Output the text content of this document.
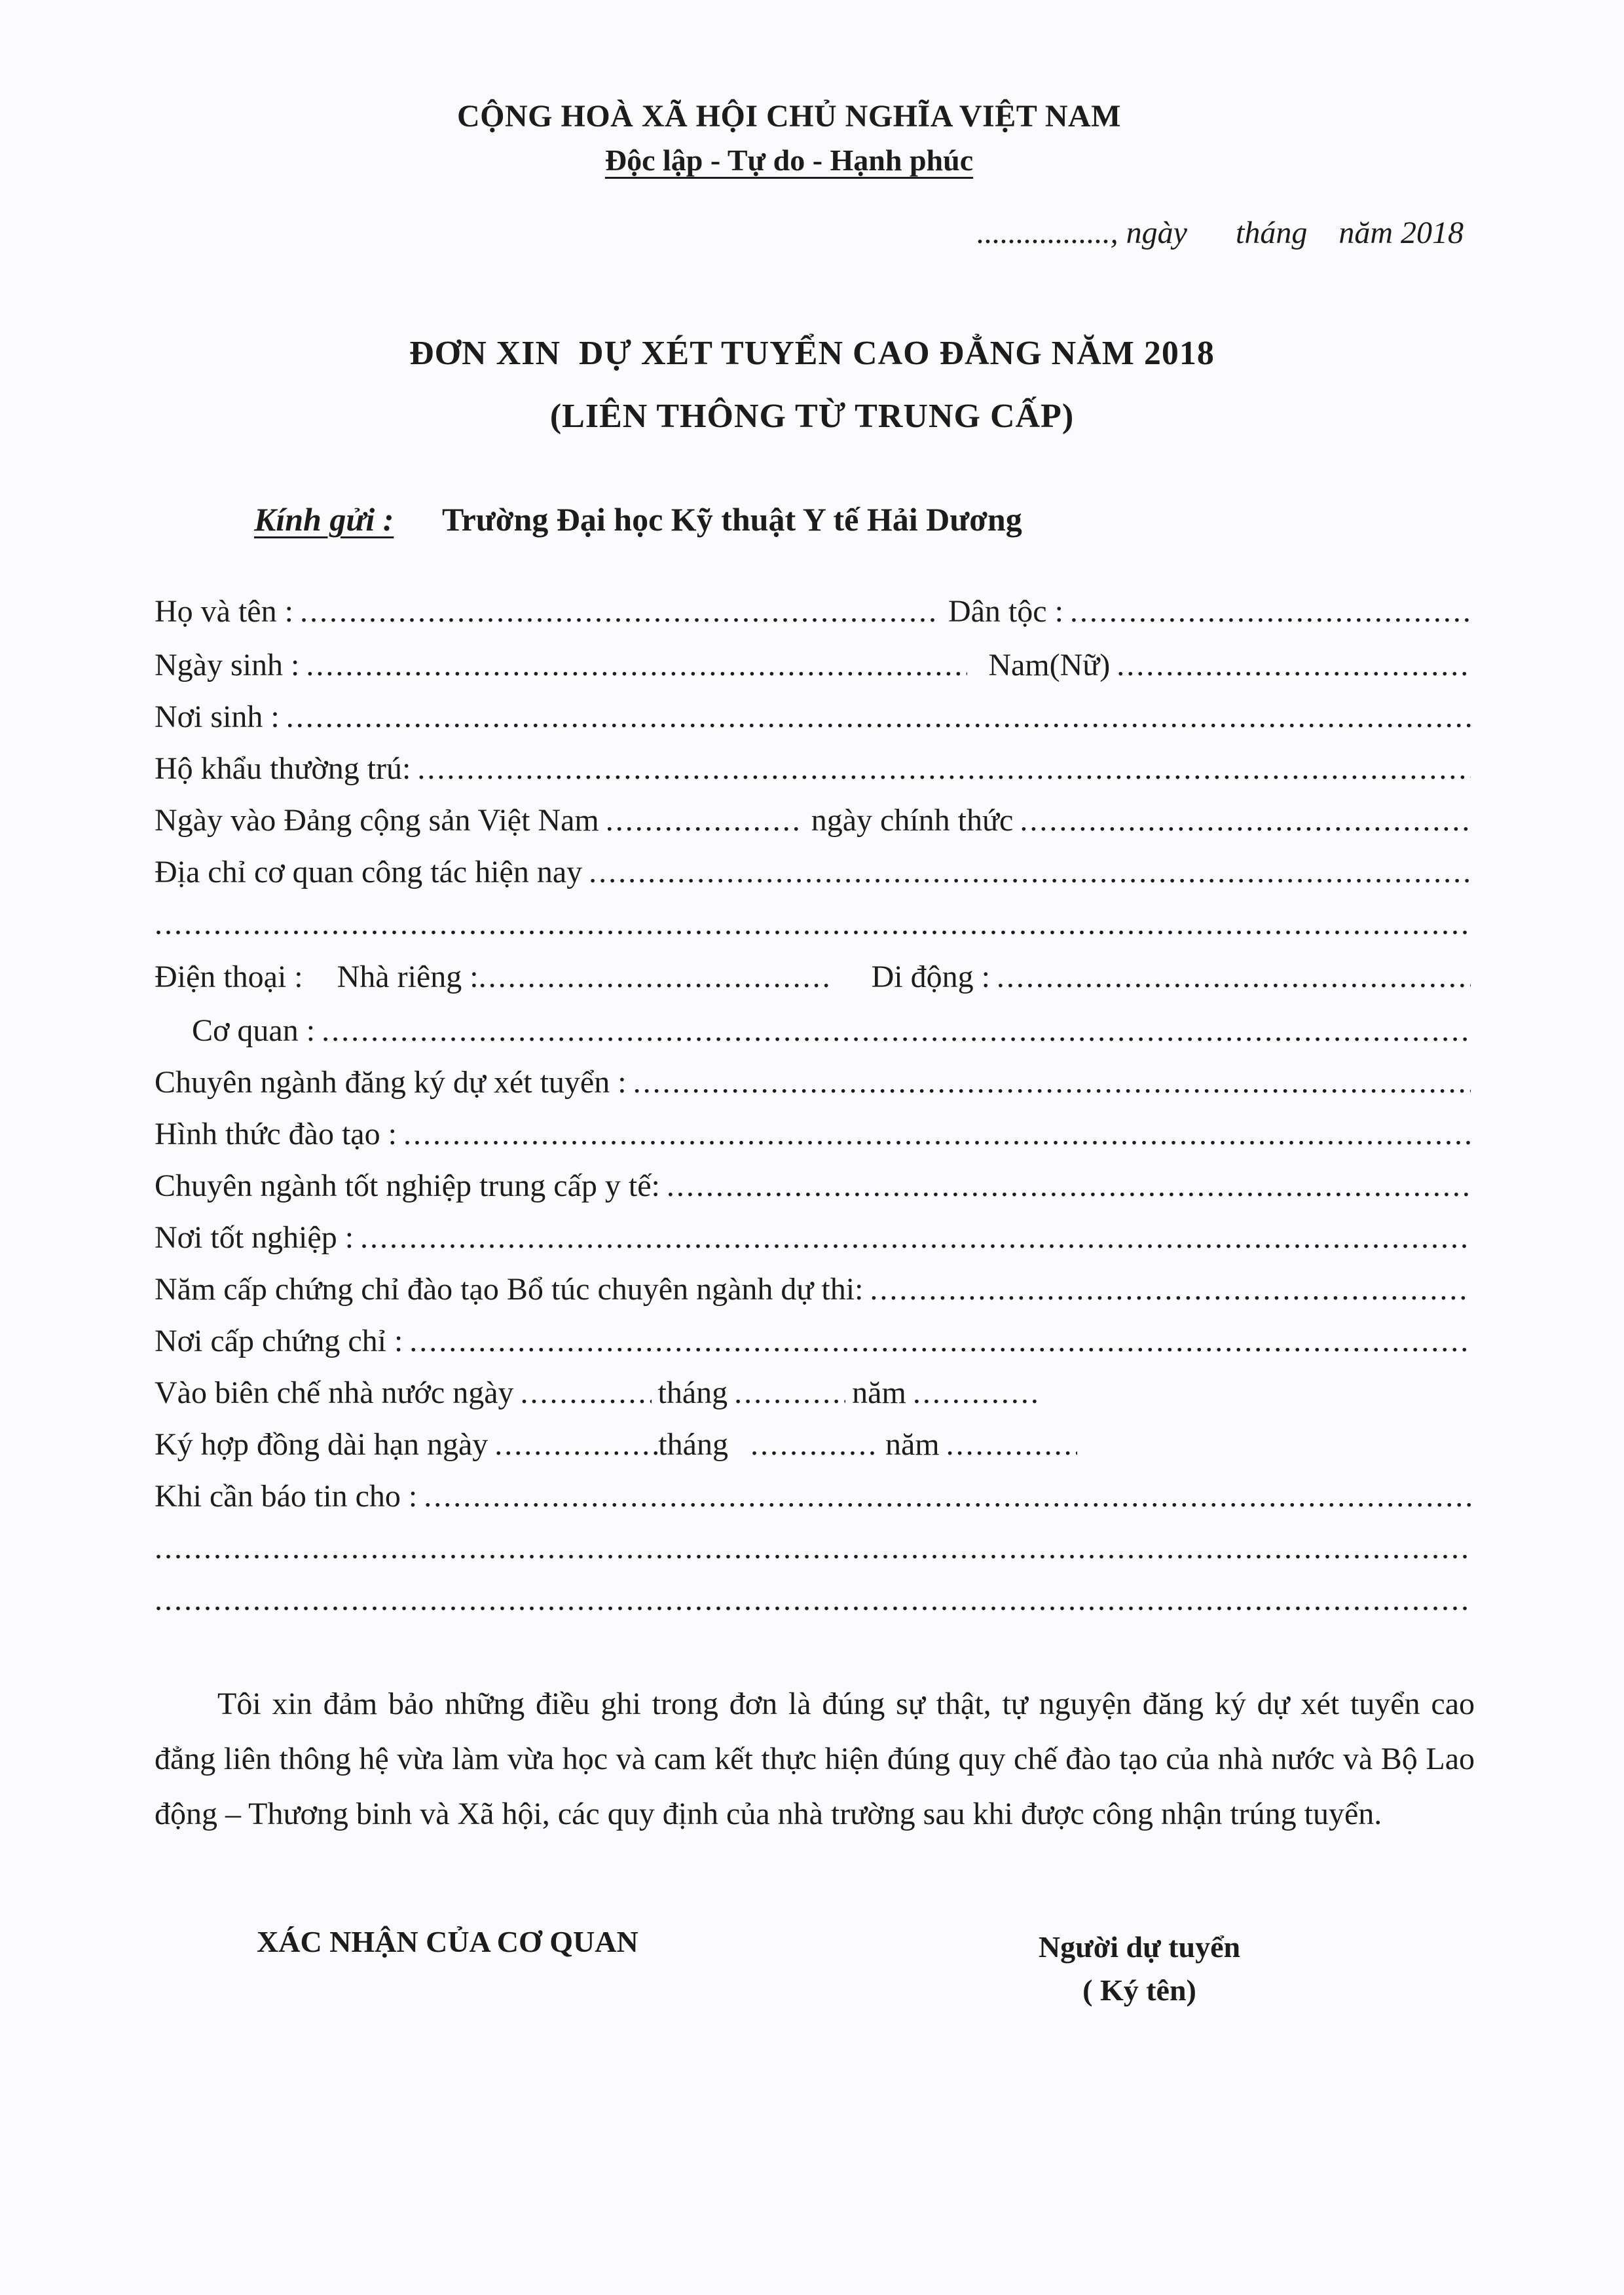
CỘNG HOÀ XÃ HỘI CHỦ NGHĨA VIỆT NAM
Độc lập - Tự do - Hạnh phúc
................., ngày tháng năm 2018
ĐƠN XIN  DỰ XÉT TUYỂN CAO ĐẲNG NĂM 2018
(LIÊN THÔNG TỪ TRUNG CẤP)
Kính gửi : Trường Đại học Kỹ thuật Y tế Hải Dương
Họ và tên : .....	Dân tộc :
.....
Ngày sinh : .....	Nam(Nữ)
.....
Nơi sinh :
.....
Hộ khẩu thường trú:
.....
Ngày vào Đảng cộng sản Việt Nam .....	ngày chính thức
.....
Địa chỉ cơ quan công tác hiện nay
.....
.....
Điện thoại :	Nhà riêng : .....	Di động :
.....
Cơ quan :
.....
Chuyên ngành đăng ký dự xét tuyển :
.....
Hình thức đào tạo :
.....
Chuyên ngành tốt nghiệp trung cấp y tế:
.....
Nơi tốt nghiệp :
.....
Năm cấp chứng chỉ đào tạo Bổ túc chuyên ngành dự thi:
.....
Nơi cấp chứng chỉ :
.....
Vào biên chế nhà nước ngày .....	tháng .....	năm
.....
Ký hợp đồng dài hạn ngày .....	tháng .....	năm
.....
Khi cần báo tin cho :
.....
.....
.....
Tôi xin đảm bảo những điều ghi trong đơn là đúng sự thật, tự nguyện đăng ký dự xét tuyển cao đẳng liên thông hệ vừa làm vừa học và cam kết thực hiện đúng quy chế đào tạo của nhà nước và Bộ Lao động – Thương binh và Xã hội, các quy định của nhà trường sau khi được công nhận trúng tuyển.
XÁC NHẬN CỦA CƠ QUAN	Người dự tuyển
( Ký tên)
